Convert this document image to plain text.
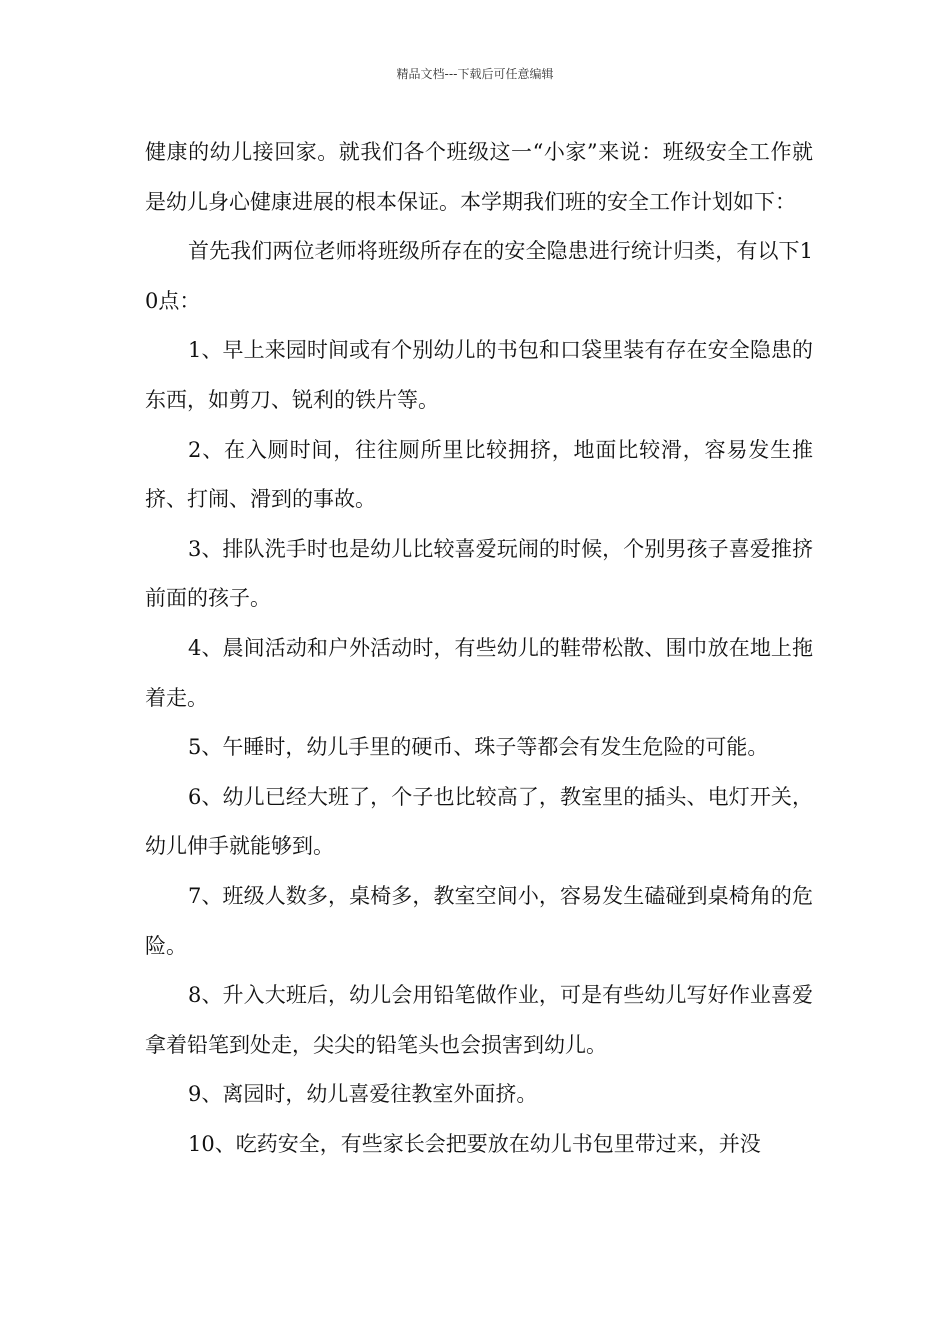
精品文档---下载后可任意编辑

健康的幼儿接回家。就我们各个班级这一“小家”来说：班级安全工作就是幼儿身心健康进展的根本保证。本学期我们班的安全工作计划如下：

首先我们两位老师将班级所存在的安全隐患进行统计归类，有以下10点：

1、早上来园时间或有个别幼儿的书包和口袋里装有存在安全隐患的东西，如剪刀、锐利的铁片等。

2、在入厕时间，往往厕所里比较拥挤，地面比较滑，容易发生推挤、打闹、滑到的事故。

3、排队洗手时也是幼儿比较喜爱玩闹的时候，个别男孩子喜爱推挤前面的孩子。

4、晨间活动和户外活动时，有些幼儿的鞋带松散、围巾放在地上拖着走。

5、午睡时，幼儿手里的硬币、珠子等都会有发生危险的可能。

6、幼儿已经大班了，个子也比较高了，教室里的插头、电灯开关，幼儿伸手就能够到。

7、班级人数多，桌椅多，教室空间小，容易发生磕碰到桌椅角的危险。

8、升入大班后，幼儿会用铅笔做作业，可是有些幼儿写好作业喜爱拿着铅笔到处走，尖尖的铅笔头也会损害到幼儿。

9、离园时，幼儿喜爱往教室外面挤。

10、吃药安全，有些家长会把要放在幼儿书包里带过来，并没
